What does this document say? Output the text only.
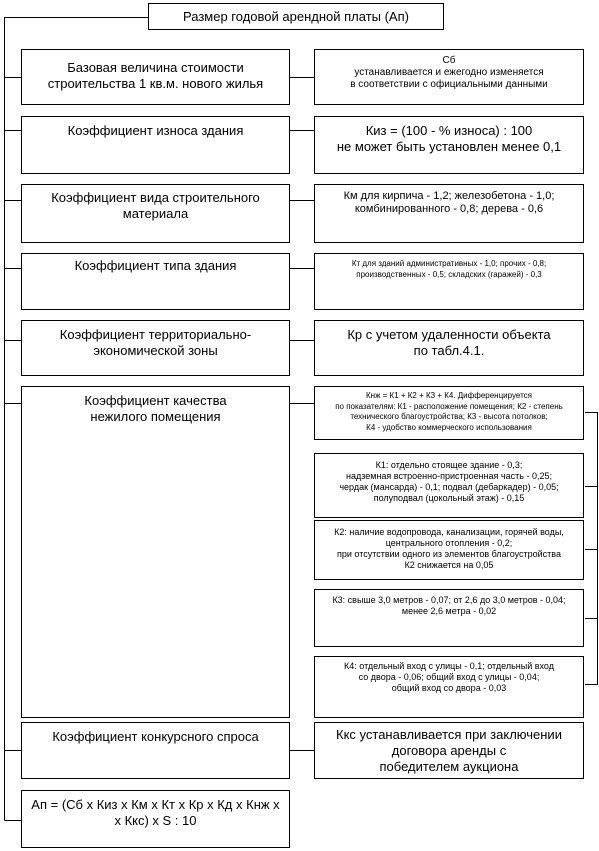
Размер годовой арендной платы (Ап)
Базовая величина стоимости
строительства 1 кв.м. нового жилья
Сб
устанавливается и ежегодно изменяется
в соответствии с официальными данными
Коэффициент износа здания	Киз = (100 - % износа) : 100
не может быть установлен менее 0,1
Коэффициент вида строительного
материала
Км для кирпича - 1,2; железобетона - 1,0;
комбинированного - 0,8; дерева - 0,6
Коэффициент типа здания	Кт для зданий административных - 1,0; прочих - 0,8;
производственных - 0,5; складских (гаражей) - 0,3
Коэффициент территориально-
экономической зоны
Кр с учетом удаленности объекта
по табл.4.1.
Коэффициент качества
нежилого помещения
Кнж = К1 + К2 + К3 + К4. Дифференцируется
по показателям: К1 - расположение помещения; К2 - степень
технического благоустройства; К3 - высота потолков;
К4 - удобство коммерческого использования
К1: отдельно стоящее здание - 0,3;
надземная встроенно-пристроенная часть - 0,25;
чердак (мансарда) - 0,1; подвал (дебаркадер) - 0,05;
полуподвал (цокольный этаж) - 0,15
К2: наличие водопровода, канализации, горячей воды,
центрального отопления - 0,2;
при отсутствии одного из элементов благоустройства
К2 снижается на 0,05
К3: свыше 3,0 метров - 0,07; от 2,6 до 3,0 метров - 0,04;
менее 2,6 метра - 0,02
К4: отдельный вход с улицы - 0,1; отдельный вход
со двора - 0,06; общий вход с улицы - 0,04;
общий вход со двора - 0,03
Коэффициент конкурсного спроса	Ккс устанавливается при заключении
договора аренды с
победителем аукциона
Ап = (Сб х Киз х Км х Кт х Кр х Кд х Кнж х
х Ккс) х S : 10
